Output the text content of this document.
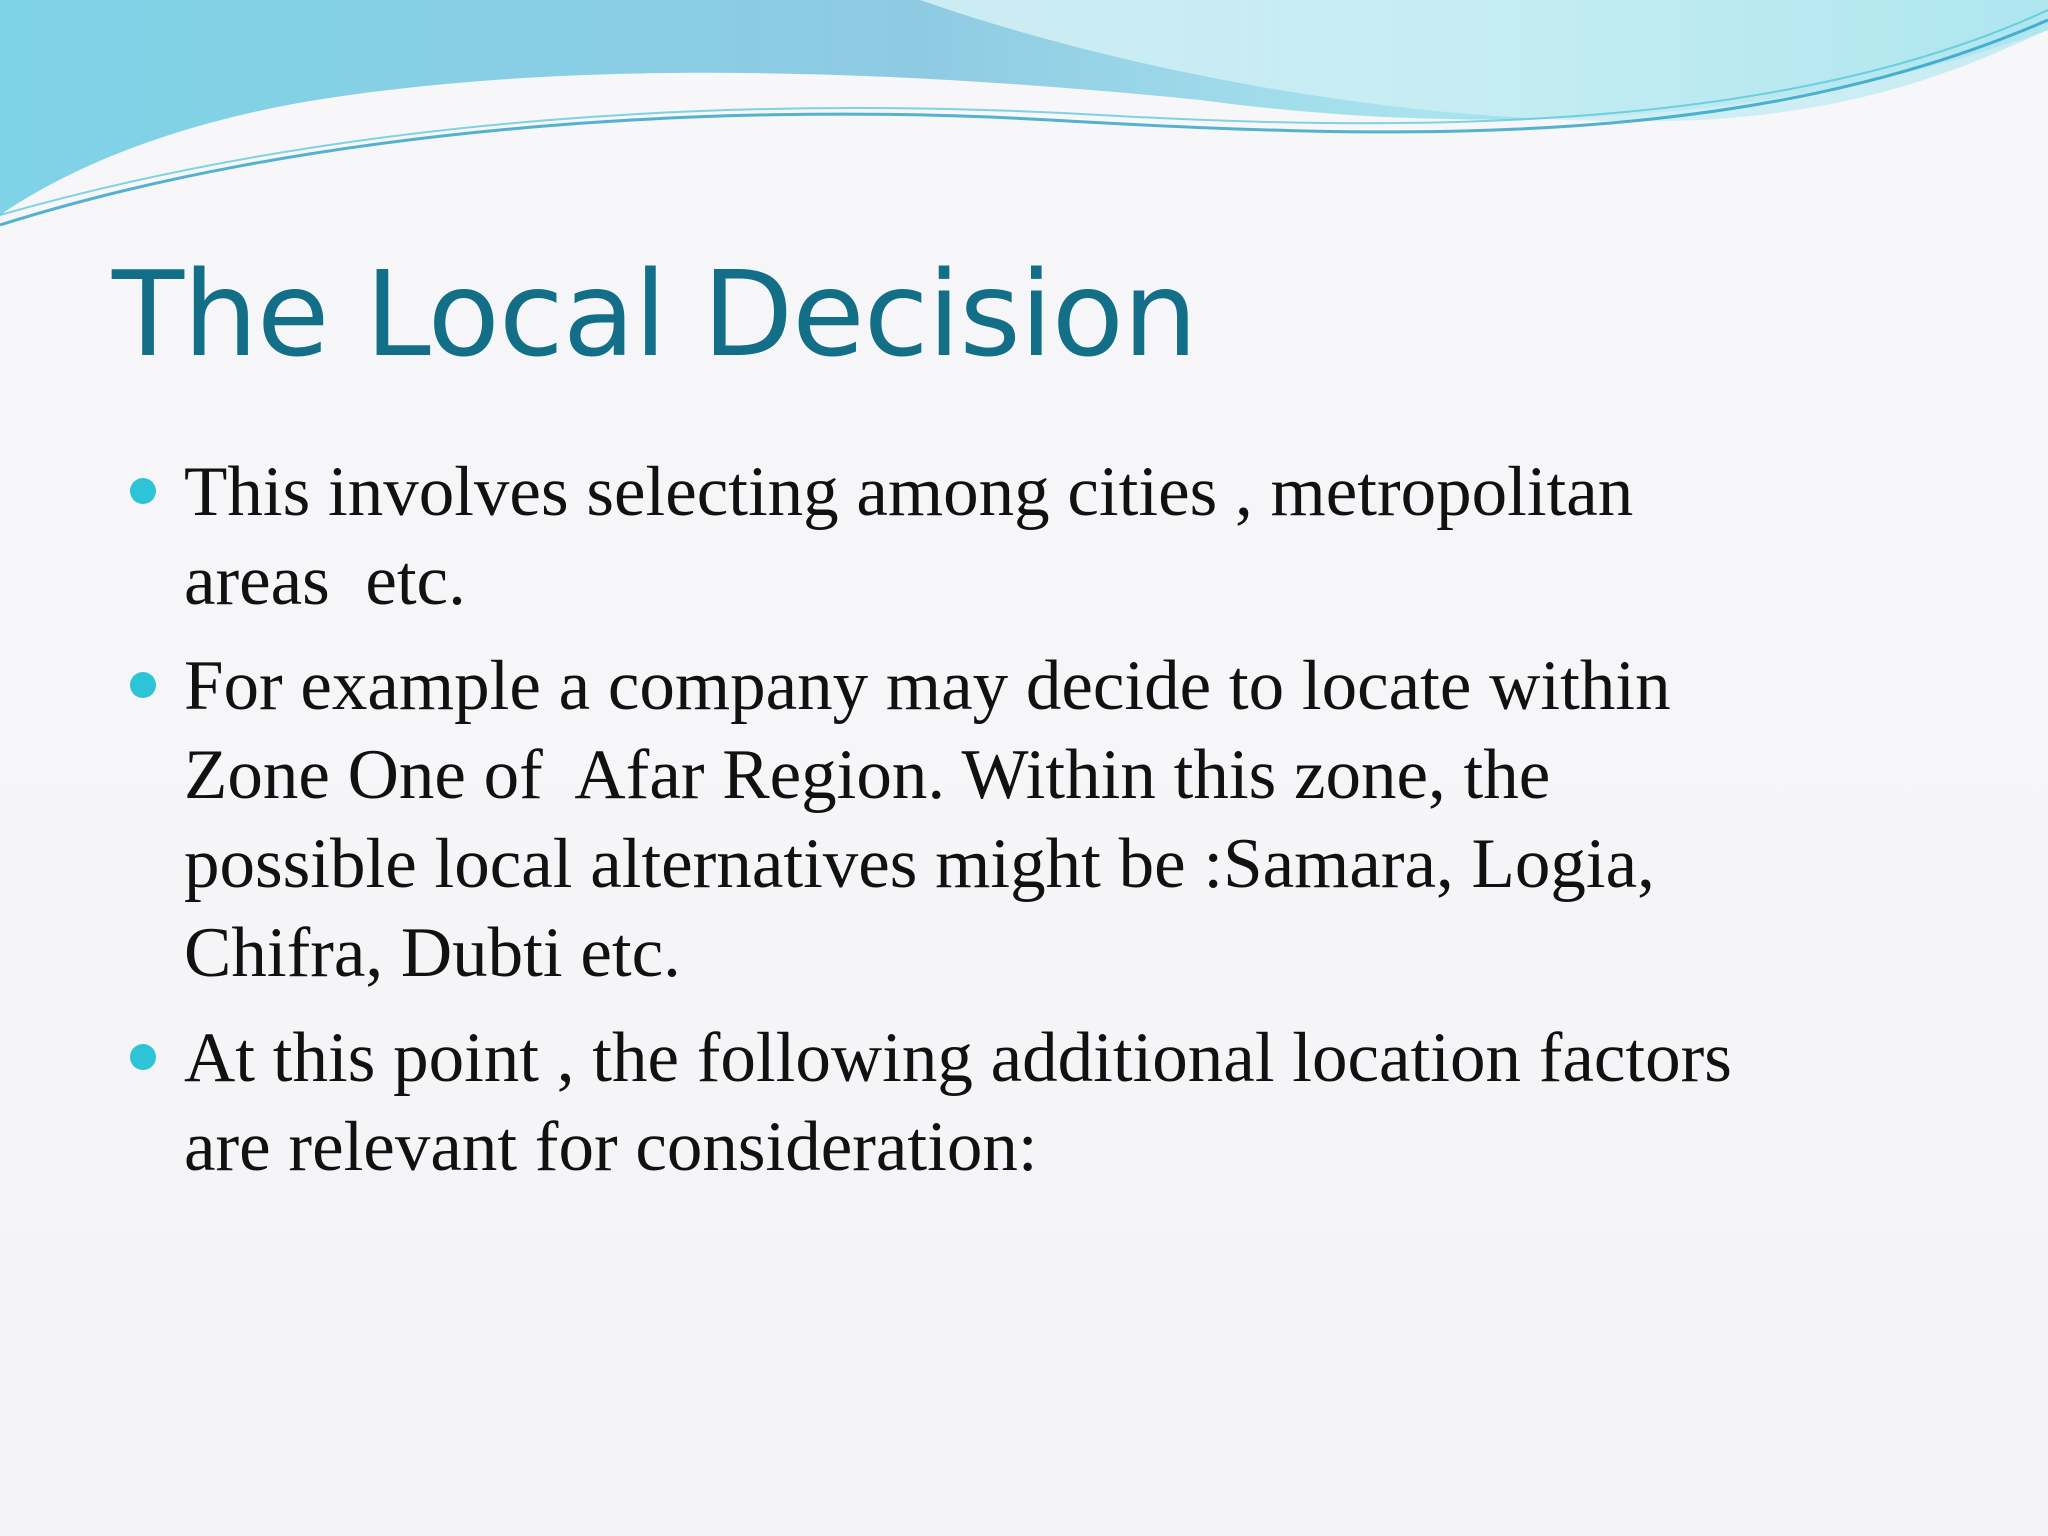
The Local Decision
This involves selecting among cities , metropolitan
areas  etc.
For example a company may decide to locate within
Zone One of  Afar Region. Within this zone, the
possible local alternatives might be :Samara, Logia,
Chifra, Dubti etc.
At this point , the following additional location factors
are relevant for consideration:
